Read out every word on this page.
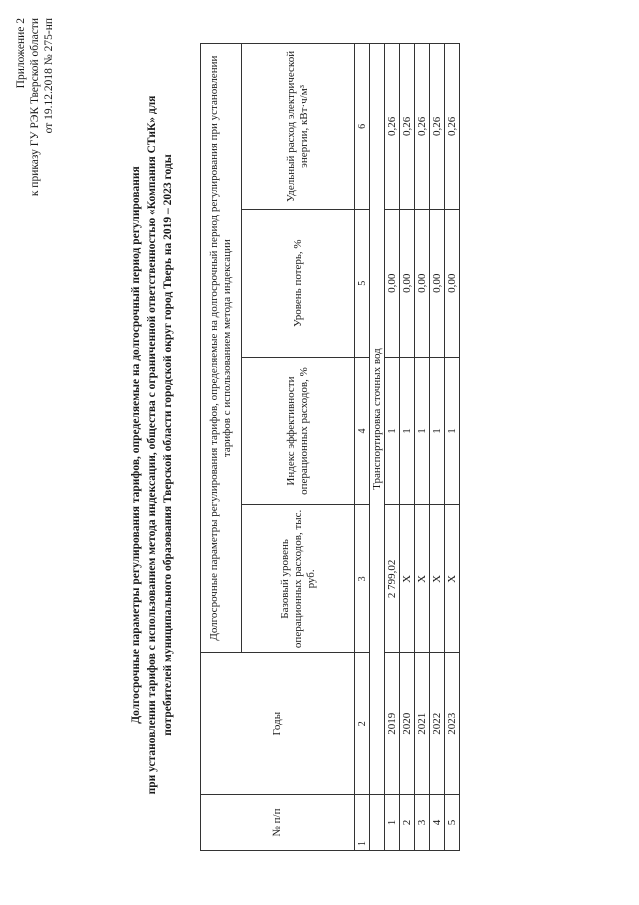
Приложение 2 к приказу ГУ РЭК Тверской области от 19.12.2018 № 275-нп
Долгосрочные параметры регулирования тарифов, определяемые на долгосрочный период регулирования при установлении тарифов с использованием метода индексации, общества с ограниченной ответственностью «Компания СТиК» для потребителей муниципального образования Тверской области городской округ город Тверь на 2019 – 2023 годы
№ п/п	Годы	Долгосрочные параметры регулирования тарифов, определяемые на долгосрочный период регулирования при установлении тарифов с использованием метода индексации			
		Базовый уровень операционных расходов, тыс. руб.	Индекс эффективности операционных расходов, %	Уровень потерь, %	Удельный расход электрической энергии, кВт·ч/м³
1	2	3	4	5	6
	Транспортировка сточных вод				
1	2019	2 799,02	1	0,00	0,26
2	2020	X	1	0,00	0,26
3	2021	X	1	0,00	0,26
4	2022	X	1	0,00	0,26
5	2023	X	1	0,00	0,26
